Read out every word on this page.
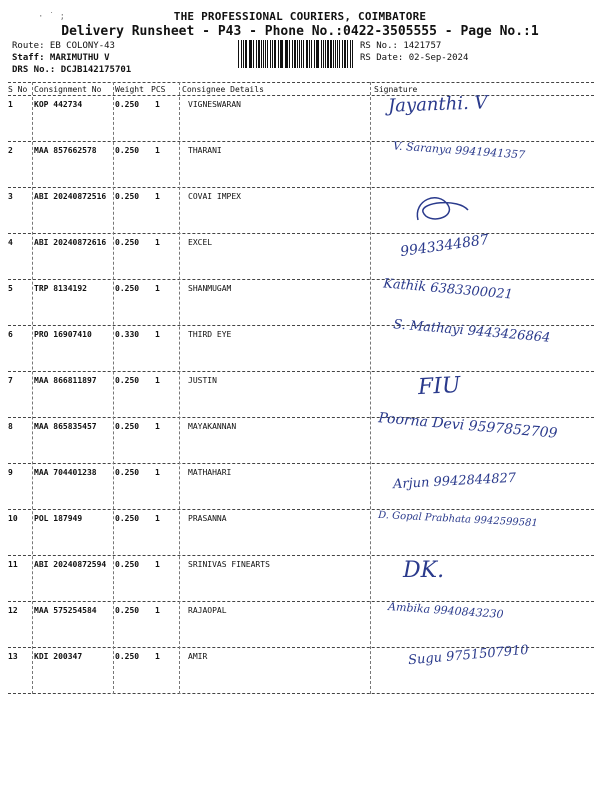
· ˙ ;	THE PROFESSIONAL COURIERS, COIMBATORE
Delivery Runsheet - P43 - Phone No.:0422-3505555 - Page No.:1
Route: EB COLONY-43
Staff: MARIMUTHU V
DRS No.: DCJB142175701
RS No.: 1421757
RS Date: 02-Sep-2024
S No Consignment No Weight PCS Consignee Details	Signature
1	KOP 442734	0.250 1	VIGNESWARAN	Jayanthi. V
2	MAA 857662578 0.250 1	THARANI	V. Saranya 9941941357
3	ABI 20240872516 0.250 1	COVAI IMPEX
4	ABI 20240872616 0.250 1	EXCEL	9943344887
5	TRP 8134192	0.250 1	SHANMUGAM	Kathik 6383300021
6	PRO 16907410	0.330 1	THIRD EYE	S. Mathayi 9443426864
7	MAA 866811897 0.250 1	JUSTIN	FIU
8	MAA 865835457 0.250 1	MAYAKANNAN	Poorna Devi 9597852709
9	MAA 704401238 0.250 1	MATHAHARI	Arjun 9942844827
10 POL 187949	0.250 1	PRASANNA	D. Gopal Prabhata 9942599581
11 ABI 20240872594 0.250 1	SRINIVAS FINEARTS	DK.
12 MAA 575254584 0.250 1	RAJAOPAL	Ambika 9940843230
13 KDI 200347	0.250 1	AMIR	Sugu 9751507910
